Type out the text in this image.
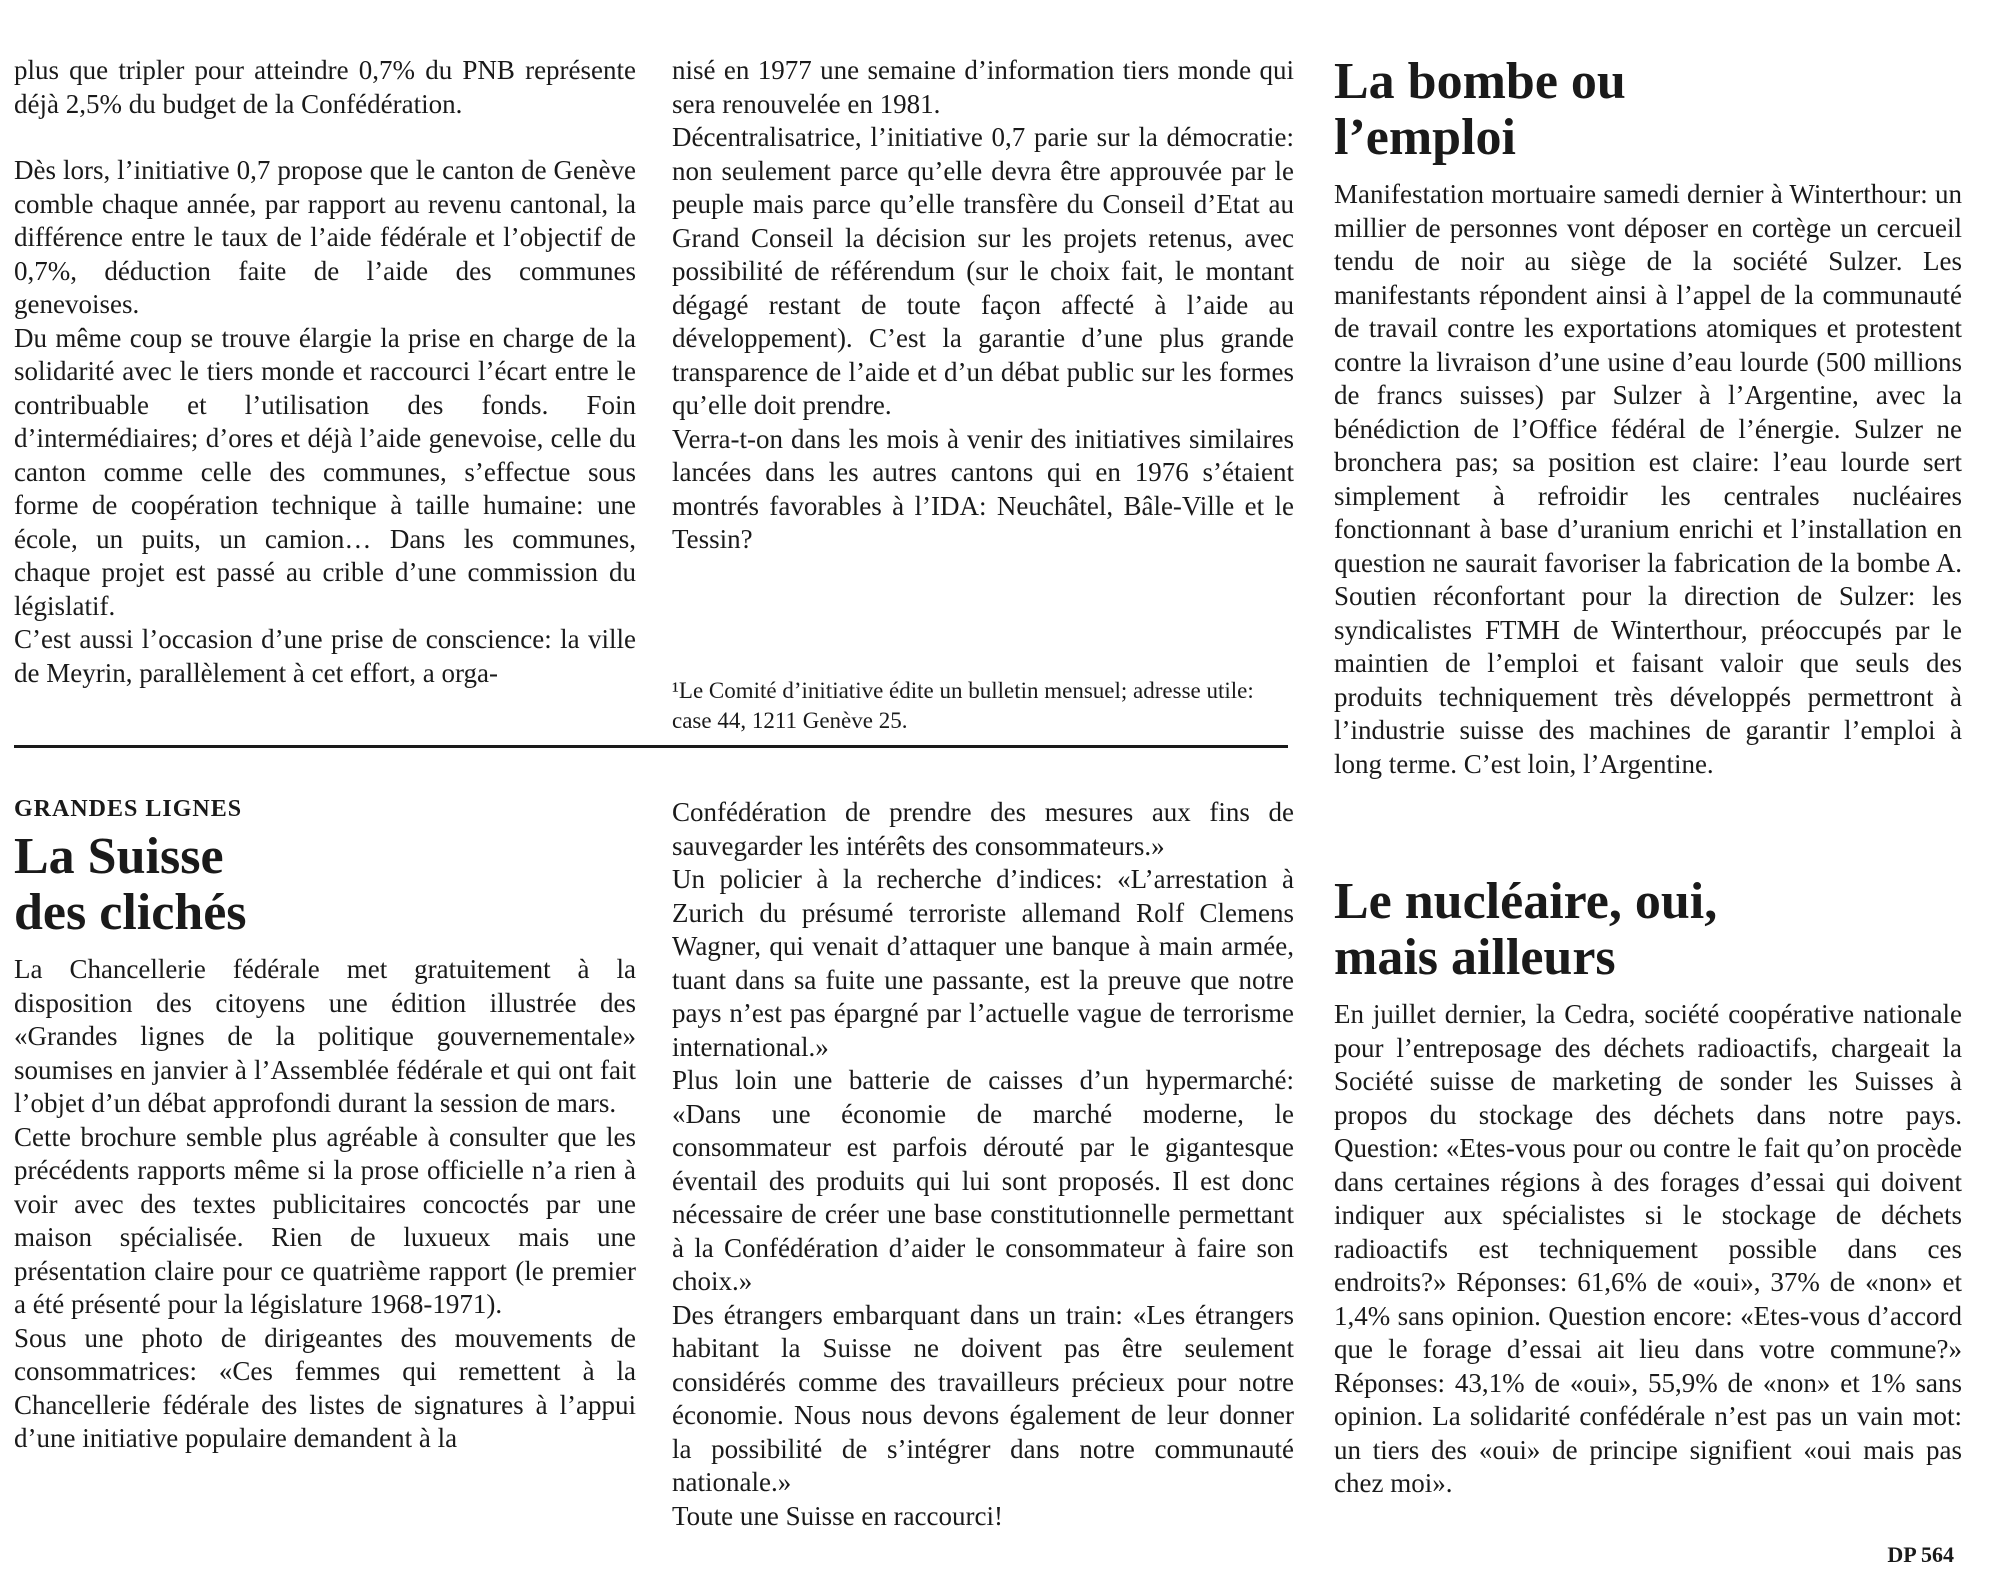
plus que tripler pour atteindre 0,7% du PNB représente déjà 2,5% du budget de la Confédération.

Dès lors, l’initiative 0,7 propose que le canton de Genève comble chaque année, par rapport au revenu cantonal, la différence entre le taux de l’aide fédérale et l’objectif de 0,7%, déduction faite de l’aide des communes genevoises.

Du même coup se trouve élargie la prise en charge de la solidarité avec le tiers monde et raccourci l’écart entre le contribuable et l’utilisation des fonds. Foin d’intermédiaires; d’ores et déjà l’aide genevoise, celle du canton comme celle des communes, s’effectue sous forme de coopération technique à taille humaine: une école, un puits, un camion… Dans les communes, chaque projet est passé au crible d’une commission du législatif.

C’est aussi l’occasion d’une prise de conscience: la ville de Meyrin, parallèlement à cet effort, a orga-

nisé en 1977 une semaine d’information tiers monde qui sera renouvelée en 1981.

Décentralisatrice, l’initiative 0,7 parie sur la démocratie: non seulement parce qu’elle devra être approuvée par le peuple mais parce qu’elle transfère du Conseil d’Etat au Grand Conseil la décision sur les projets retenus, avec possibilité de référendum (sur le choix fait, le montant dégagé restant de toute façon affecté à l’aide au développement). C’est la garantie d’une plus grande transparence de l’aide et d’un débat public sur les formes qu’elle doit prendre.

Verra-t-on dans les mois à venir des initiatives similaires lancées dans les autres cantons qui en 1976 s’étaient montrés favorables à l’IDA: Neuchâtel, Bâle-Ville et le Tessin?

¹Le Comité d’initiative édite un bulletin mensuel; adresse utile: case 44, 1211 Genève 25.
La bombe ou l’emploi

Manifestation mortuaire samedi dernier à Winterthour: un millier de personnes vont déposer en cortège un cercueil tendu de noir au siège de la société Sulzer. Les manifestants répondent ainsi à l’appel de la communauté de travail contre les exportations atomiques et protestent contre la livraison d’une usine d’eau lourde (500 millions de francs suisses) par Sulzer à l’Argentine, avec la bénédiction de l’Office fédéral de l’énergie. Sulzer ne bronchera pas; sa position est claire: l’eau lourde sert simplement à refroidir les centrales nucléaires fonctionnant à base d’uranium enrichi et l’installation en question ne saurait favoriser la fabrication de la bombe A. Soutien réconfortant pour la direction de Sulzer: les syndicalistes FTMH de Winterthour, préoccupés par le maintien de l’emploi et faisant valoir que seuls des produits techniquement très développés permettront à l’industrie suisse des machines de garantir l’emploi à long terme. C’est loin, l’Argentine.

Le nucléaire, oui, mais ailleurs

En juillet dernier, la Cedra, société coopérative nationale pour l’entreposage des déchets radioactifs, chargeait la Société suisse de marketing de sonder les Suisses à propos du stockage des déchets dans notre pays. Question: «Etes-vous pour ou contre le fait qu’on procède dans certaines régions à des forages d’essai qui doivent indiquer aux spécialistes si le stockage de déchets radioactifs est techniquement possible dans ces endroits?» Réponses: 61,6% de «oui», 37% de «non» et 1,4% sans opinion. Question encore: «Etes-vous d’accord que le forage d’essai ait lieu dans votre commune?» Réponses: 43,1% de «oui», 55,9% de «non» et 1% sans opinion. La solidarité confédérale n’est pas un vain mot: un tiers des «oui» de principe signifient «oui mais pas chez moi».

GRANDES LIGNES
La Suisse des clichés

La Chancellerie fédérale met gratuitement à la disposition des citoyens une édition illustrée des «Grandes lignes de la politique gouvernementale» soumises en janvier à l’Assemblée fédérale et qui ont fait l’objet d’un débat approfondi durant la session de mars.

Cette brochure semble plus agréable à consulter que les précédents rapports même si la prose officielle n’a rien à voir avec des textes publicitaires concoctés par une maison spécialisée. Rien de luxueux mais une présentation claire pour ce quatrième rapport (le premier a été présenté pour la législature 1968-1971).

Sous une photo de dirigeantes des mouvements de consommatrices: «Ces femmes qui remettent à la Chancellerie fédérale des listes de signatures à l’appui d’une initiative populaire demandent à la

Confédération de prendre des mesures aux fins de sauvegarder les intérêts des consommateurs.»

Un policier à la recherche d’indices: «L’arrestation à Zurich du présumé terroriste allemand Rolf Clemens Wagner, qui venait d’attaquer une banque à main armée, tuant dans sa fuite une passante, est la preuve que notre pays n’est pas épargné par l’actuelle vague de terrorisme international.»

Plus loin une batterie de caisses d’un hypermarché: «Dans une économie de marché moderne, le consommateur est parfois dérouté par le gigantesque éventail des produits qui lui sont proposés. Il est donc nécessaire de créer une base constitutionnelle permettant à la Confédération d’aider le consommateur à faire son choix.»

Des étrangers embarquant dans un train: «Les étrangers habitant la Suisse ne doivent pas être seulement considérés comme des travailleurs précieux pour notre économie. Nous nous devons également de leur donner la possibilité de s’intégrer dans notre communauté nationale.»

Toute une Suisse en raccourci!

DP 564
